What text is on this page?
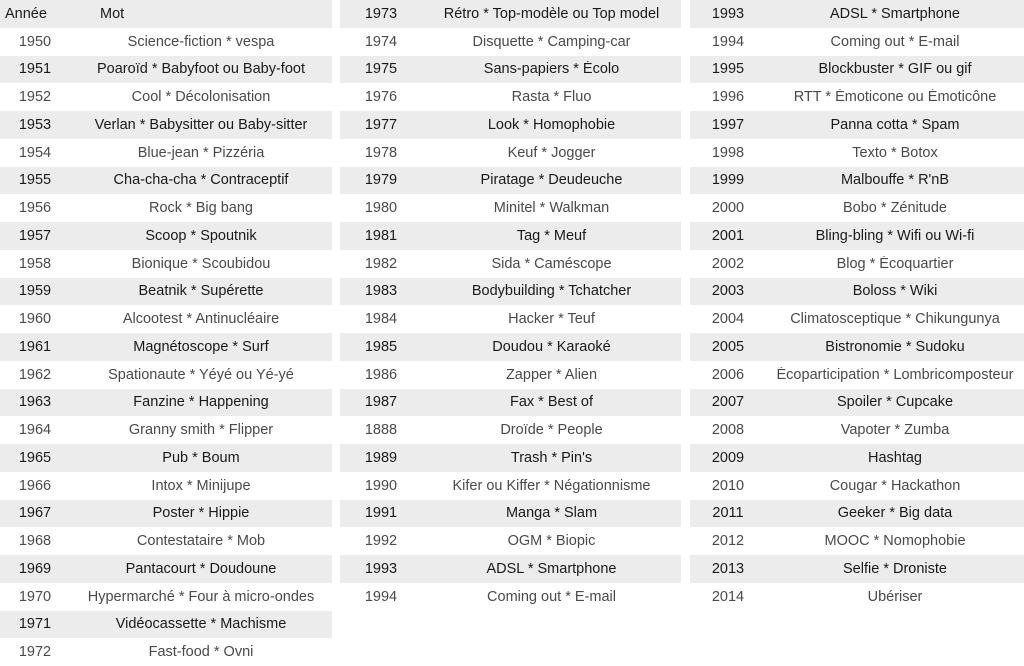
Année	Mot
1950	Science-fiction * vespa
1951	Poaroïd * Babyfoot ou Baby-foot
1952	Cool * Décolonisation
1953	Verlan * Babysitter ou Baby-sitter
1954	Blue-jean * Pizzéria
1955	Cha-cha-cha * Contraceptif
1956	Rock * Big bang
1957	Scoop * Spoutnik
1958	Bionique * Scoubidou
1959	Beatnik * Supérette
1960	Alcootest * Antinucléaire
1961	Magnétoscope * Surf
1962	Spationaute * Yéyé ou Yé-yé
1963	Fanzine * Happening
1964	Granny smith * Flipper
1965	Pub * Boum
1966	Intox * Minijupe
1967	Poster * Hippie
1968	Contestataire * Mob
1969	Pantacourt * Doudoune
1970	Hypermarché * Four à micro-ondes
1971	Vidéocassette * Machisme
1972	Fast-food * Ovni
1973	Rétro * Top-modèle ou Top model
1974	Disquette * Camping-car
1975	Sans-papiers * Écolo
1976	Rasta * Fluo
1977	Look * Homophobie
1978	Keuf * Jogger
1979	Piratage * Deudeuche
1980	Minitel * Walkman
1981	Tag * Meuf
1982	Sida * Caméscope
1983	Bodybuilding * Tchatcher
1984	Hacker * Teuf
1985	Doudou * Karaoké
1986	Zapper * Alien
1987	Fax * Best of
1888	Droïde * People
1989	Trash * Pin's
1990	Kifer ou Kiffer * Négationnisme
1991	Manga * Slam
1992	OGM * Biopic
1993	ADSL * Smartphone
1994	Coming out * E-mail
1993	ADSL * Smartphone
1994	Coming out * E-mail
1995	Blockbuster * GIF ou gif
1996	RTT * Émoticone ou Émoticône
1997	Panna cotta * Spam
1998	Texto * Botox
1999	Malbouffe * R'nB
2000	Bobo * Zénitude
2001	Bling-bling * Wifi ou Wi-fi
2002	Blog * Écoquartier
2003	Boloss * Wiki
2004	Climatosceptique * Chikungunya
2005	Bistronomie * Sudoku
2006	Écoparticipation * Lombricomposteur
2007	Spoiler * Cupcake
2008	Vapoter * Zumba
2009	Hashtag
2010	Cougar * Hackathon
2011	Geeker * Big data
2012	MOOC * Nomophobie
2013	Selfie * Droniste
2014	Ubériser
